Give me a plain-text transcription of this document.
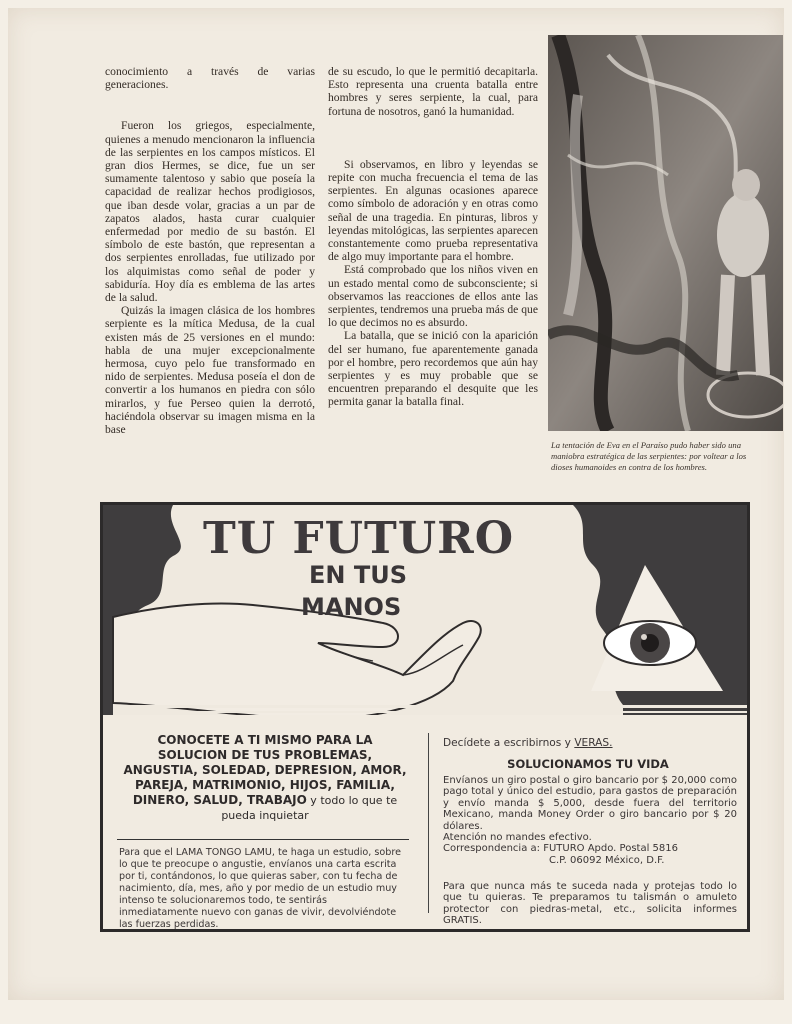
conocimiento a través de varias generaciones.

Fueron los griegos, especialmente, quienes a menudo mencionaron la influencia de las serpientes en los campos místicos. El gran dios Hermes, se dice, fue un ser sumamente talentoso y sabio que poseía la capacidad de realizar hechos prodigiosos, que iban desde volar, gracias a un par de zapatos alados, hasta curar cualquier enfermedad por medio de su bastón. El símbolo de este bastón, que representan a dos serpientes enrolladas, fue utilizado por los alquimistas como señal de poder y sabiduría. Hoy día es emblema de las artes de la salud.

Quizás la imagen clásica de los hombres serpiente es la mítica Medusa, de la cual existen más de 25 versiones en el mundo: habla de una mujer excepcionalmente hermosa, cuyo pelo fue transformado en nido de serpientes. Medusa poseía el don de convertir a los humanos en piedra con sólo mirarlos, y fue Perseo quien la derrotó, haciéndola observar su imagen misma en la base

de su escudo, lo que le permitió decapitarla. Esto representa una cruenta batalla entre hombres y seres serpiente, la cual, para fortuna de nosotros, ganó la humanidad.

Si observamos, en libro y leyendas se repite con mucha frecuencia el tema de las serpientes. En algunas ocasiones aparece como símbolo de adoración y en otras como señal de una tragedia. En pinturas, libros y leyendas mitológicas, las serpientes aparecen constantemente como prueba representativa de algo muy importante para el hombre.

Está comprobado que los niños viven en un estado mental como de subconsciente; si observamos las reacciones de ellos ante las serpientes, tendremos una prueba más de que lo que decimos no es absurdo.

La batalla, que se inició con la aparición del ser humano, fue aparentemente ganada por el hombre, pero recordemos que aún hay serpientes y es muy probable que se encuentren preparando el desquite que les permita ganar la batalla final.

La tentación de Eva en el Paraíso pudo haber sido una maniobra estratégica de las serpientes: por voltear a los dioses humanoides en contra de los hombres.
TU FUTURO
EN TUS
MANOS
CONOCETE A TI MISMO PARA LA
SOLUCION DE TUS PROBLEMAS,
ANGUSTIA, SOLEDAD, DEPRESION, AMOR,
PAREJA, MATRIMONIO, HIJOS, FAMILIA,
DINERO, SALUD, TRABAJO y todo lo que te
pueda inquietar
Para que el LAMA TONGO LAMU, te haga un estudio, sobre lo que te preocupe o angustie, envíanos una carta escrita por ti, contándonos, lo que quieras saber, con tu fecha de nacimiento, día, mes, año y por medio de un estudio muy intenso te solucionaremos todo, te sentirás inmediatamente nuevo con ganas de vivir, devolviéndote las fuerzas perdidas.
Decídete a escribirnos y VERAS.
SOLUCIONAMOS TU VIDA
Envíanos un giro postal o giro bancario por $ 20,000 como pago total y único del estudio, para gastos de preparación y envío manda $ 5,000, desde fuera del territorio Mexicano, manda Money Order o giro bancario por $ 20 dólares.
Atención no mandes efectivo.
Correspondencia a: FUTURO Apdo. Postal 5816
C.P. 06092 México, D.F.
Para que nunca más te suceda nada y protejas todo lo que tu quieras. Te preparamos tu talismán o amuleto protector con piedras-metal, etc., solicita informes GRATIS.
